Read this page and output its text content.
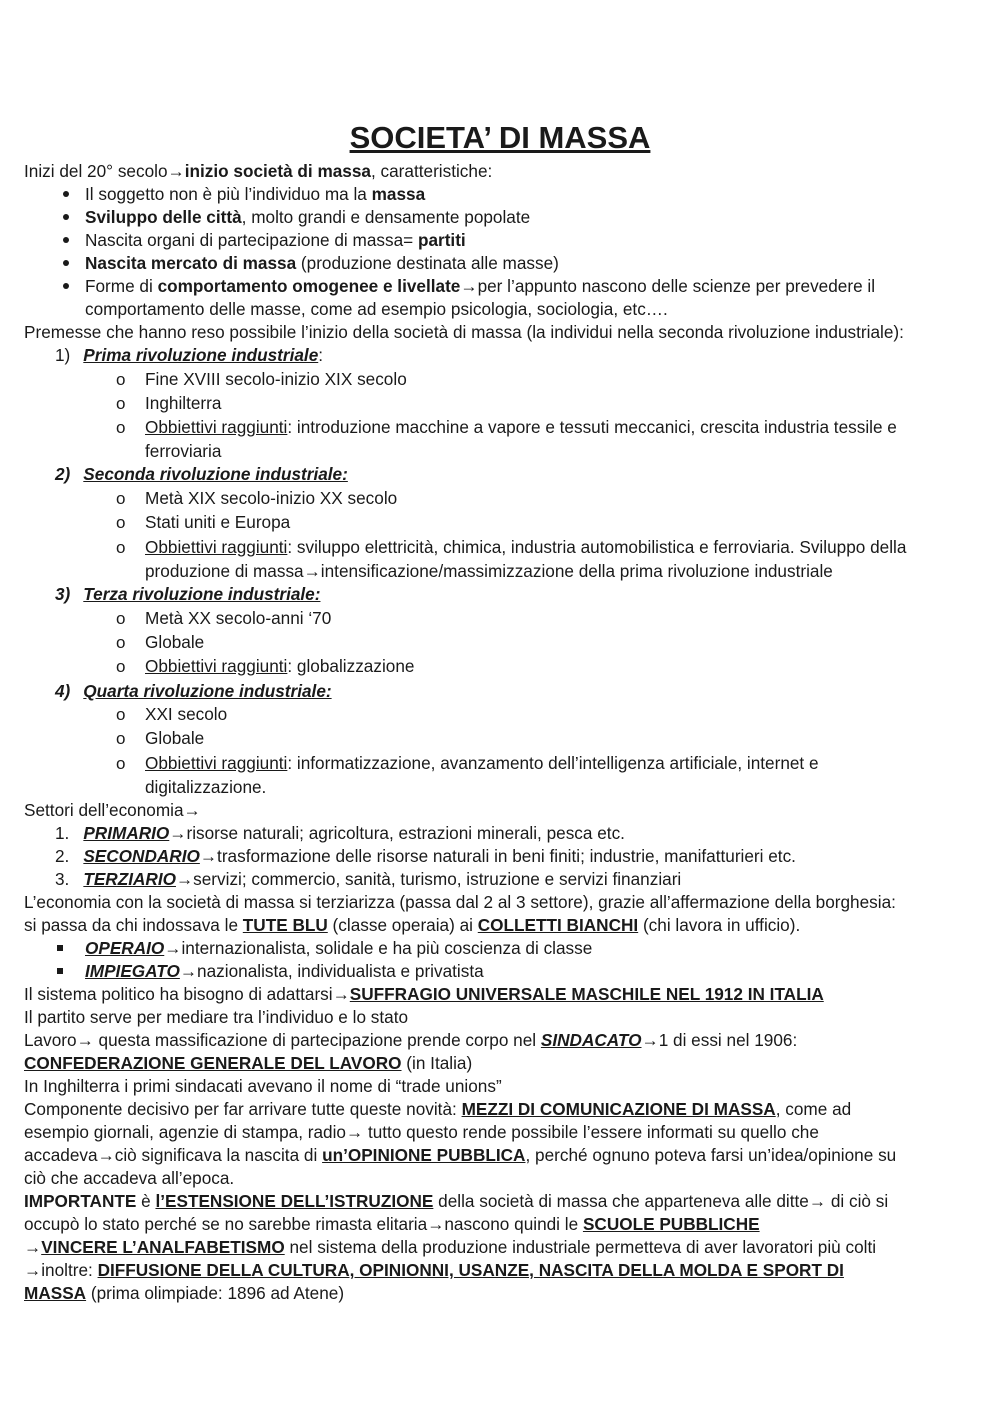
SOCIETA’ DI MASSA
Inizi del 20° secolo→inizio società di massa, caratteristiche:
Il soggetto non è più l’individuo ma la massa
Sviluppo delle città, molto grandi e densamente popolate
Nascita organi di partecipazione di massa= partiti
Nascita mercato di massa (produzione destinata alle masse)
Forme di comportamento omogenee e livellate→per l’appunto nascono delle scienze per prevedere il
comportamento delle masse, come ad esempio psicologia, sociologia, etc….
Premesse che hanno reso possibile l’inizio della società di massa (la individui nella seconda rivoluzione industriale):
1) Prima rivoluzione industriale:
o	Fine XVIII secolo-inizio XIX secolo
o	Inghilterra
o	Obbiettivi raggiunti: introduzione macchine a vapore e tessuti meccanici, crescita industria tessile e
ferroviaria
2) Seconda rivoluzione industriale:
o	Metà XIX secolo-inizio XX secolo
o	Stati uniti e Europa
o	Obbiettivi raggiunti: sviluppo elettricità, chimica, industria automobilistica e ferroviaria. Sviluppo della
produzione di massa→intensificazione/massimizzazione della prima rivoluzione industriale
3) Terza rivoluzione industriale:
o	Metà XX secolo-anni ‘70
o	Globale
o	Obbiettivi raggiunti: globalizzazione
4) Quarta rivoluzione industriale:
o	XXI secolo
o	Globale
o	Obbiettivi raggiunti: informatizzazione, avanzamento dell’intelligenza artificiale, internet e
digitalizzazione.
Settori dell’economia→
1. PRIMARIO→risorse naturali; agricoltura, estrazioni minerali, pesca etc.
2. SECONDARIO→trasformazione delle risorse naturali in beni finiti; industrie, manifatturieri etc.
3. TERZIARIO→servizi; commercio, sanità, turismo, istruzione e servizi finanziari
L’economia con la società di massa si terziarizza (passa dal 2 al 3 settore), grazie all’affermazione della borghesia:
si passa da chi indossava le TUTE BLU (classe operaia) ai COLLETTI BIANCHI (chi lavora in ufficio).
OPERAIO→internazionalista, solidale e ha più coscienza di classe
IMPIEGATO→nazionalista, individualista e privatista
Il sistema politico ha bisogno di adattarsi→SUFFRAGIO UNIVERSALE MASCHILE NEL 1912 IN ITALIA
Il partito serve per mediare tra l’individuo e lo stato
Lavoro→ questa massificazione di partecipazione prende corpo nel SINDACATO→1 di essi nel 1906:
CONFEDERAZIONE GENERALE DEL LAVORO (in Italia)
In Inghilterra i primi sindacati avevano il nome di “trade unions”
Componente decisivo per far arrivare tutte queste novità: MEZZI DI COMUNICAZIONE DI MASSA, come ad
esempio giornali, agenzie di stampa, radio→ tutto questo rende possibile l’essere informati su quello che
accadeva→ciò significava la nascita di un’OPINIONE PUBBLICA, perché ognuno poteva farsi un’idea/opinione su
ciò che accadeva all’epoca.
IMPORTANTE è l’ESTENSIONE DELL’ISTRUZIONE della società di massa che apparteneva alle ditte→ di ciò si
occupò lo stato perché se no sarebbe rimasta elitaria→nascono quindi le SCUOLE PUBBLICHE
→VINCERE L’ANALFABETISMO nel sistema della produzione industriale permetteva di aver lavoratori più colti
→inoltre: DIFFUSIONE DELLA CULTURA, OPINIONNI, USANZE, NASCITA DELLA MOLDA E SPORT DI
MASSA (prima olimpiade: 1896 ad Atene)
